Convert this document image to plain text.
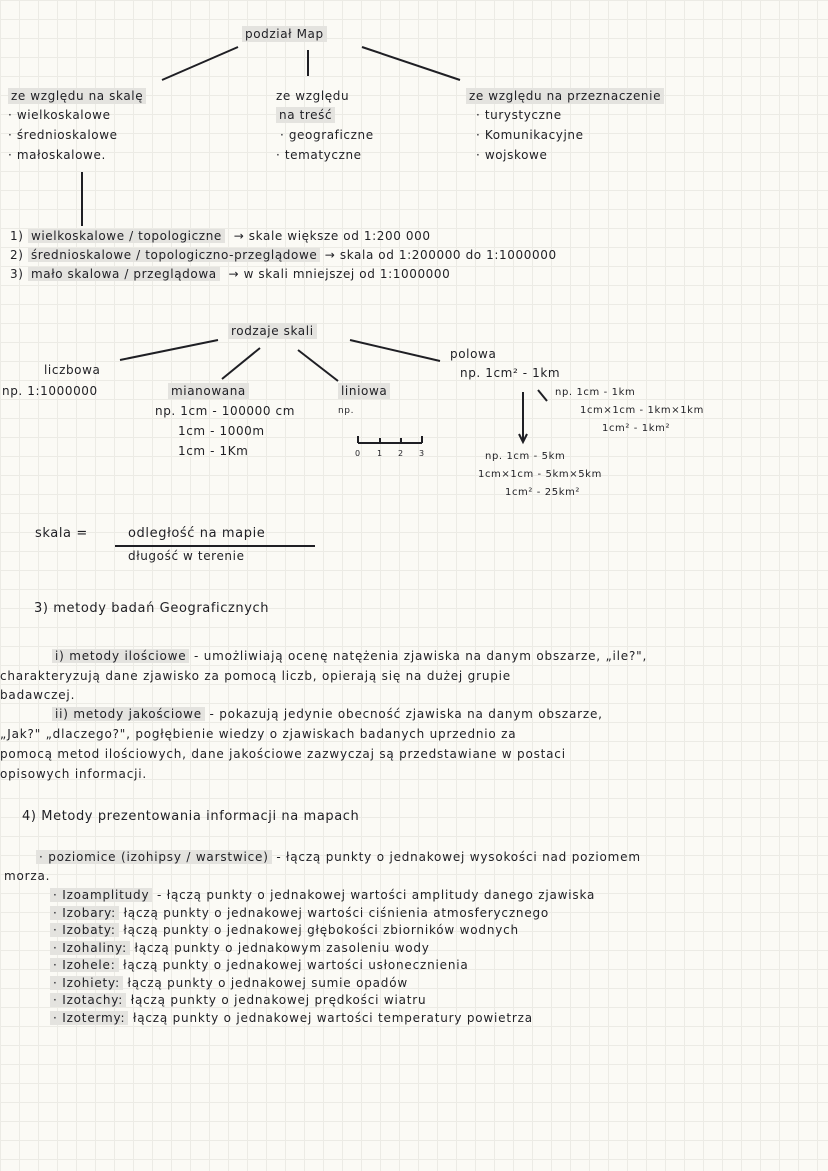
podział Map
ze względu na skalę
· wielkoskalowe
· średnioskalowe
· małoskalowe.
ze względu
na treść
· geograficzne
· tematyczne
ze względu na przeznaczenie
· turystyczne
· Komunikacyjne
· wojskowe
1) wielkoskalowe / topologiczne → skale większe od 1:200 000
2) średnioskalowe / topologiczno-przeglądowe → skala od 1:200000 do 1:1000000
3) mało skalowa / przeglądowa → w skali mniejszej od 1:1000000
rodzaje skali
liczbowa
np. 1:1000000	mianowana
np. 1cm - 100000 cm
1cm - 1000m
1cm - 1Km
liniowa
np.
0 1 2 3
polowa
np. 1cm² - 1km
np. 1cm - 1km
1cm×1cm - 1km×1km
1cm² - 1km²
np. 1cm - 5km
1cm×1cm - 5km×5km
1cm² - 25km²
skala =	odległość na mapie
długość w terenie
3) metody badań Geograficznych
i) metody ilościowe - umożliwiają ocenę natężenia zjawiska na danym obszarze, „ile?",
charakteryzują dane zjawisko za pomocą liczb, opierają się na dużej grupie
badawczej.
ii) metody jakościowe - pokazują jedynie obecność zjawiska na danym obszarze,
„Jak?" „dlaczego?", pogłębienie wiedzy o zjawiskach badanych uprzednio za
pomocą metod ilościowych, dane jakościowe zazwyczaj są przedstawiane w postaci
opisowych informacji.
4) Metody prezentowania informacji na mapach
· poziomice (izohipsy / warstwice) - łączą punkty o jednakowej wysokości nad poziomem
morza.
· Izoamplitudy - łączą punkty o jednakowej wartości amplitudy danego zjawiska
· Izobary: łączą punkty o jednakowej wartości ciśnienia atmosferycznego
· Izobaty: łączą punkty o jednakowej głębokości zbiorników wodnych
· Izohaliny: łączą punkty o jednakowym zasoleniu wody
· Izohele: łączą punkty o jednakowej wartości usłonecznienia
· Izohiety: łączą punkty o jednakowej sumie opadów
· Izotachy: łączą punkty o jednakowej prędkości wiatru
· Izotermy: łączą punkty o jednakowej wartości temperatury powietrza
